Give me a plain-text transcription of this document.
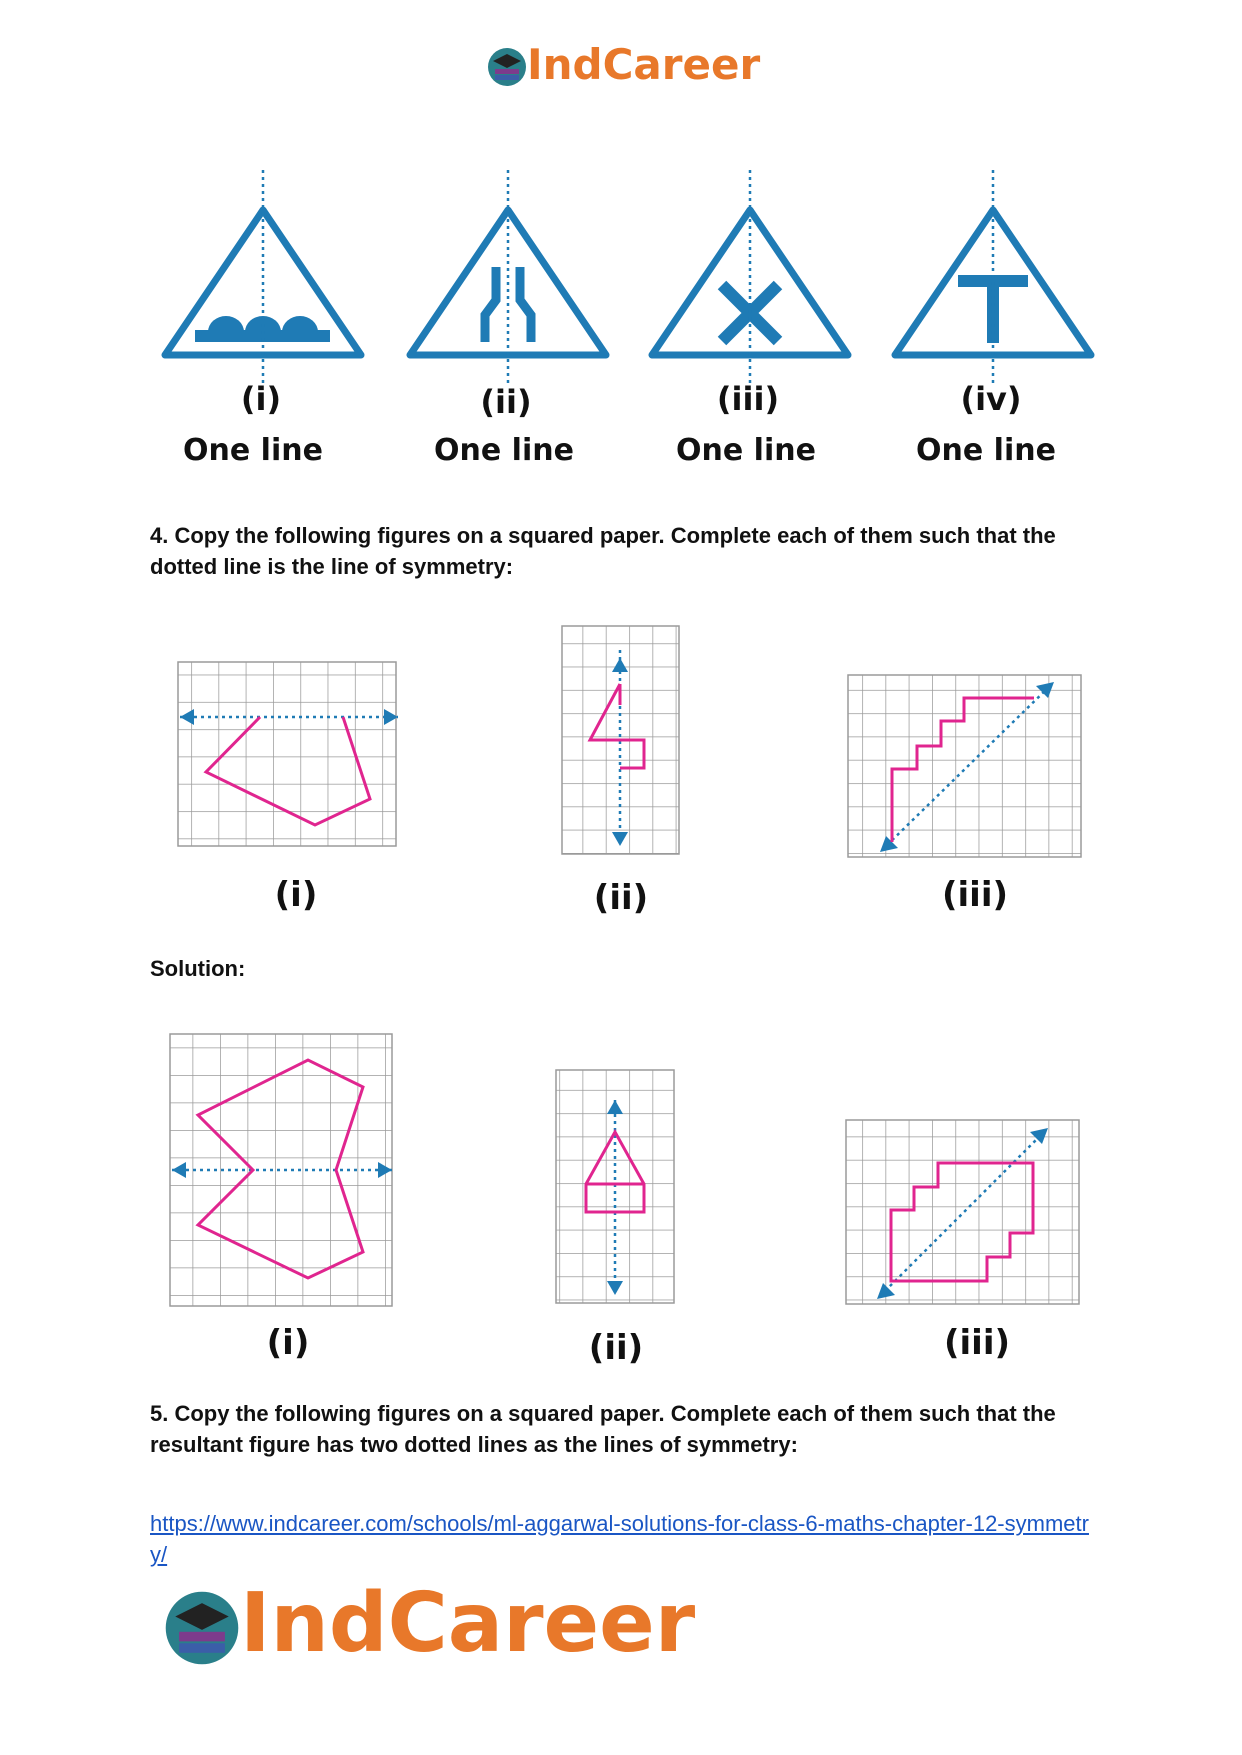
IndCareer
(i)	(ii)	(iii)	(iv)
One line	One line	One line	One line
4. Copy the following figures on a squared paper. Complete each of them such that the dotted line is the line of symmetry:
(i)	(ii)	(iii)
Solution:
(i)	(ii)	(iii)
5. Copy the following figures on a squared paper. Complete each of them such that the resultant figure has two dotted lines as the lines of symmetry:
https://www.indcareer.com/schools/ml-aggarwal-solutions-for-class-6-maths-chapter-12-symmetry/
IndCareer
